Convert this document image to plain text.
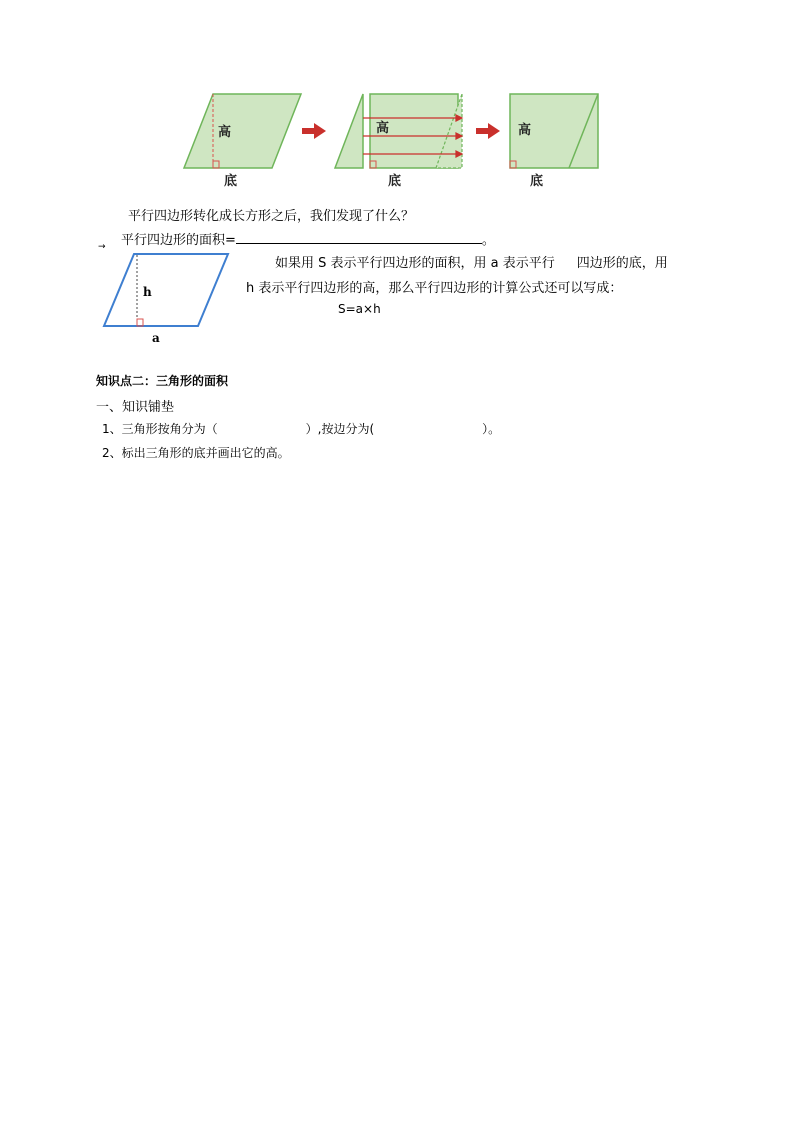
高
底
高
底
高
底
平行四边形转化成长方形之后，我们发现了什么？
平行四边形的面积=	。
→
h
a
如果用 S 表示平行四边形的面积，用 a 表示平行 四边形的底，用
h 表示平行四边形的高，那么平行四边形的计算公式还可以写成：
S=a×h
知识点二：三角形的面积
一、知识铺垫
1、三角形按角分为（	）,按边分为(	）。
2、标出三角形的底并画出它的高。
